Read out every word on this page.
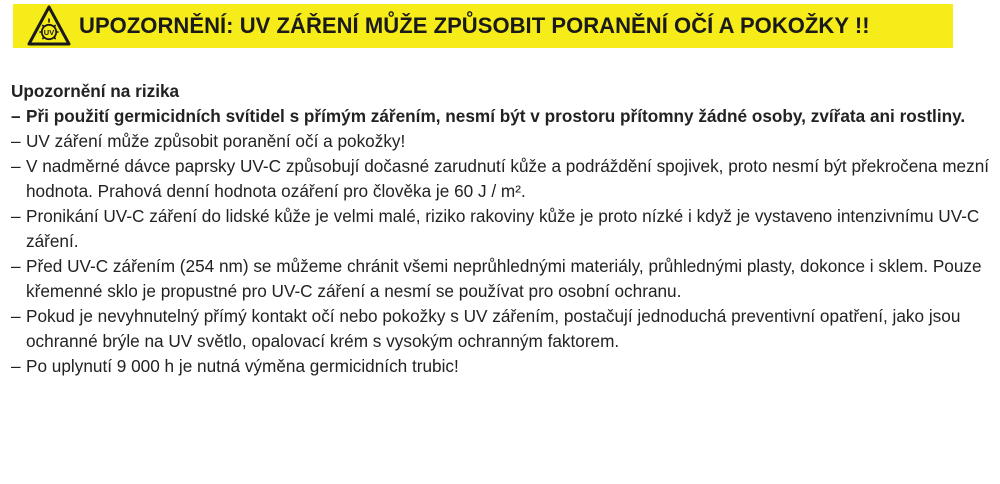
UV UPOZORNĚNÍ: UV ZÁŘENÍ MŮŽE ZPŮSOBIT PORANĚNÍ OČÍ A POKOŽKY !!

Upozornění na rizika

– Při použití germicidních svítidel s přímým zářením, nesmí být v prostoru přítomny žádné osoby, zvířata ani rostliny.
– UV záření může způsobit poranění očí a pokožky!
– V nadměrné dávce paprsky UV-C způsobují dočasné zarudnutí kůže a podráždění spojivek, proto nesmí být překročena mezní hodnota. Prahová denní hodnota ozáření pro člověka je 60 J / m².
– Pronikání UV-C záření do lidské kůže je velmi malé, riziko rakoviny kůže je proto nízké i když je vystaveno intenzivnímu UV-C záření.
– Před UV-C zářením (254 nm) se můžeme chránit všemi neprůhlednými materiály, průhlednými plasty, dokonce i sklem. Pouze křemenné sklo je propustné pro UV-C záření a nesmí se používat pro osobní ochranu.
– Pokud je nevyhnutelný přímý kontakt očí nebo pokožky s UV zářením, postačují jednoduchá preventivní opatření, jako jsou ochranné brýle na UV světlo, opalovací krém s vysokým ochranným faktorem.
– Po uplynutí 9 000 h je nutná výměna germicidních trubic!
